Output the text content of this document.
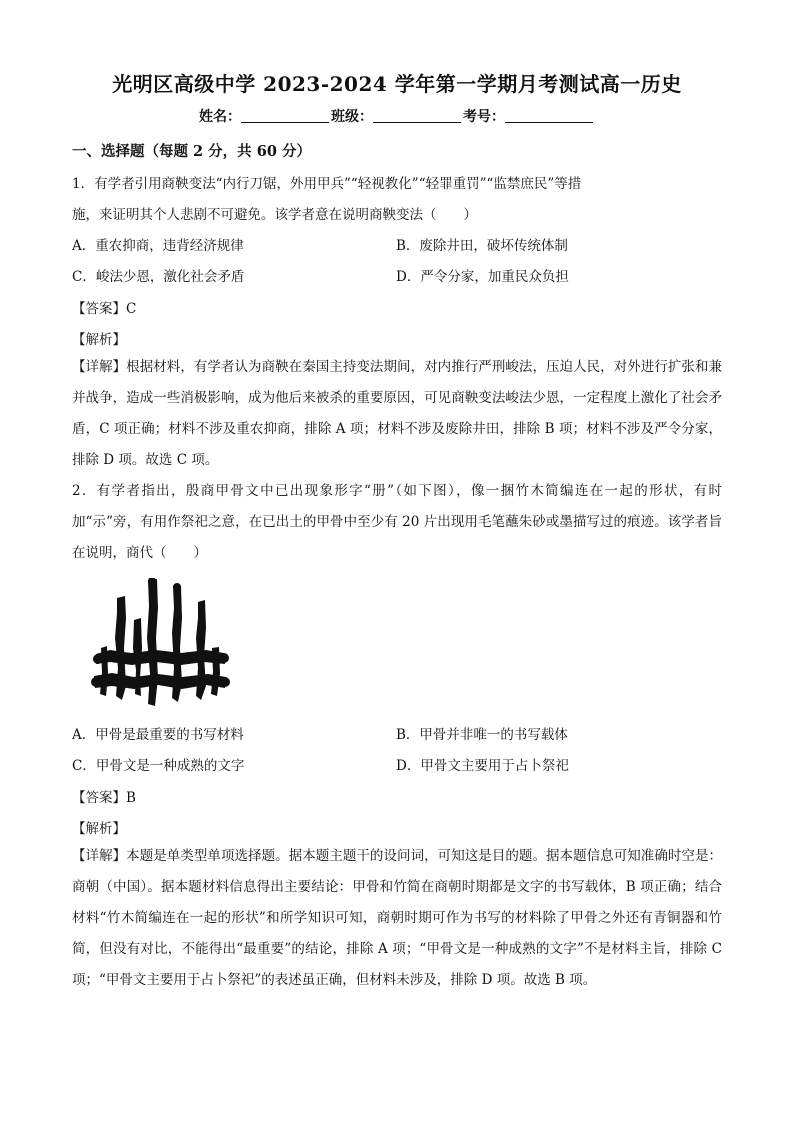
光明区高级中学 2023-2024 学年第一学期月考测试高一历史
姓名：	班级：	考号：
一、选择题（每题 2 分，共 60 分）
1．有学者引用商鞅变法“内行刀锯，外用甲兵”“轻视教化”“轻罪重罚”“监禁庶民”等措
施，来证明其个人悲剧不可避免。该学者意在说明商鞅变法（　　）
A．重农抑商，违背经济规律	B．废除井田，破坏传统体制
C．峻法少恩，激化社会矛盾	D．严令分家，加重民众负担
【答案】C
【解析】
【详解】根据材料，有学者认为商鞅在秦国主持变法期间，对内推行严刑峻法，压迫人民，对外进行扩张和兼并战争，造成一些消极影响，成为他后来被杀的重要原因，可见商鞅变法峻法少恩，一定程度上激化了社会矛盾，C 项正确；材料不涉及重农抑商，排除 A 项；材料不涉及废除井田，排除 B 项；材料不涉及严令分家，排除 D 项。故选 C 项。
2．有学者指出，殷商甲骨文中已出现象形字“册”（如下图），像一捆竹木简编连在一起的形状，有时加“示”旁，有用作祭祀之意，在已出土的甲骨中至少有 20 片出现用毛笔蘸朱砂或墨描写过的痕迹。该学者旨在说明，商代（　　）
A．甲骨是最重要的书写材料	B．甲骨并非唯一的书写载体
C．甲骨文是一种成熟的文字	D．甲骨文主要用于占卜祭祀
【答案】B
【解析】
【详解】本题是单类型单项选择题。据本题主题干的设问词，可知这是目的题。据本题信息可知准确时空是：商朝（中国）。据本题材料信息得出主要结论：甲骨和竹简在商朝时期都是文字的书写载体，B 项正确；结合材料“竹木简编连在一起的形状”和所学知识可知，商朝时期可作为书写的材料除了甲骨之外还有青铜器和竹简，但没有对比，不能得出“最重要”的结论，排除 A 项；“甲骨文是一种成熟的文字”不是材料主旨，排除 C 项；“甲骨文主要用于占卜祭祀”的表述虽正确，但材料未涉及，排除 D 项。故选 B 项。
